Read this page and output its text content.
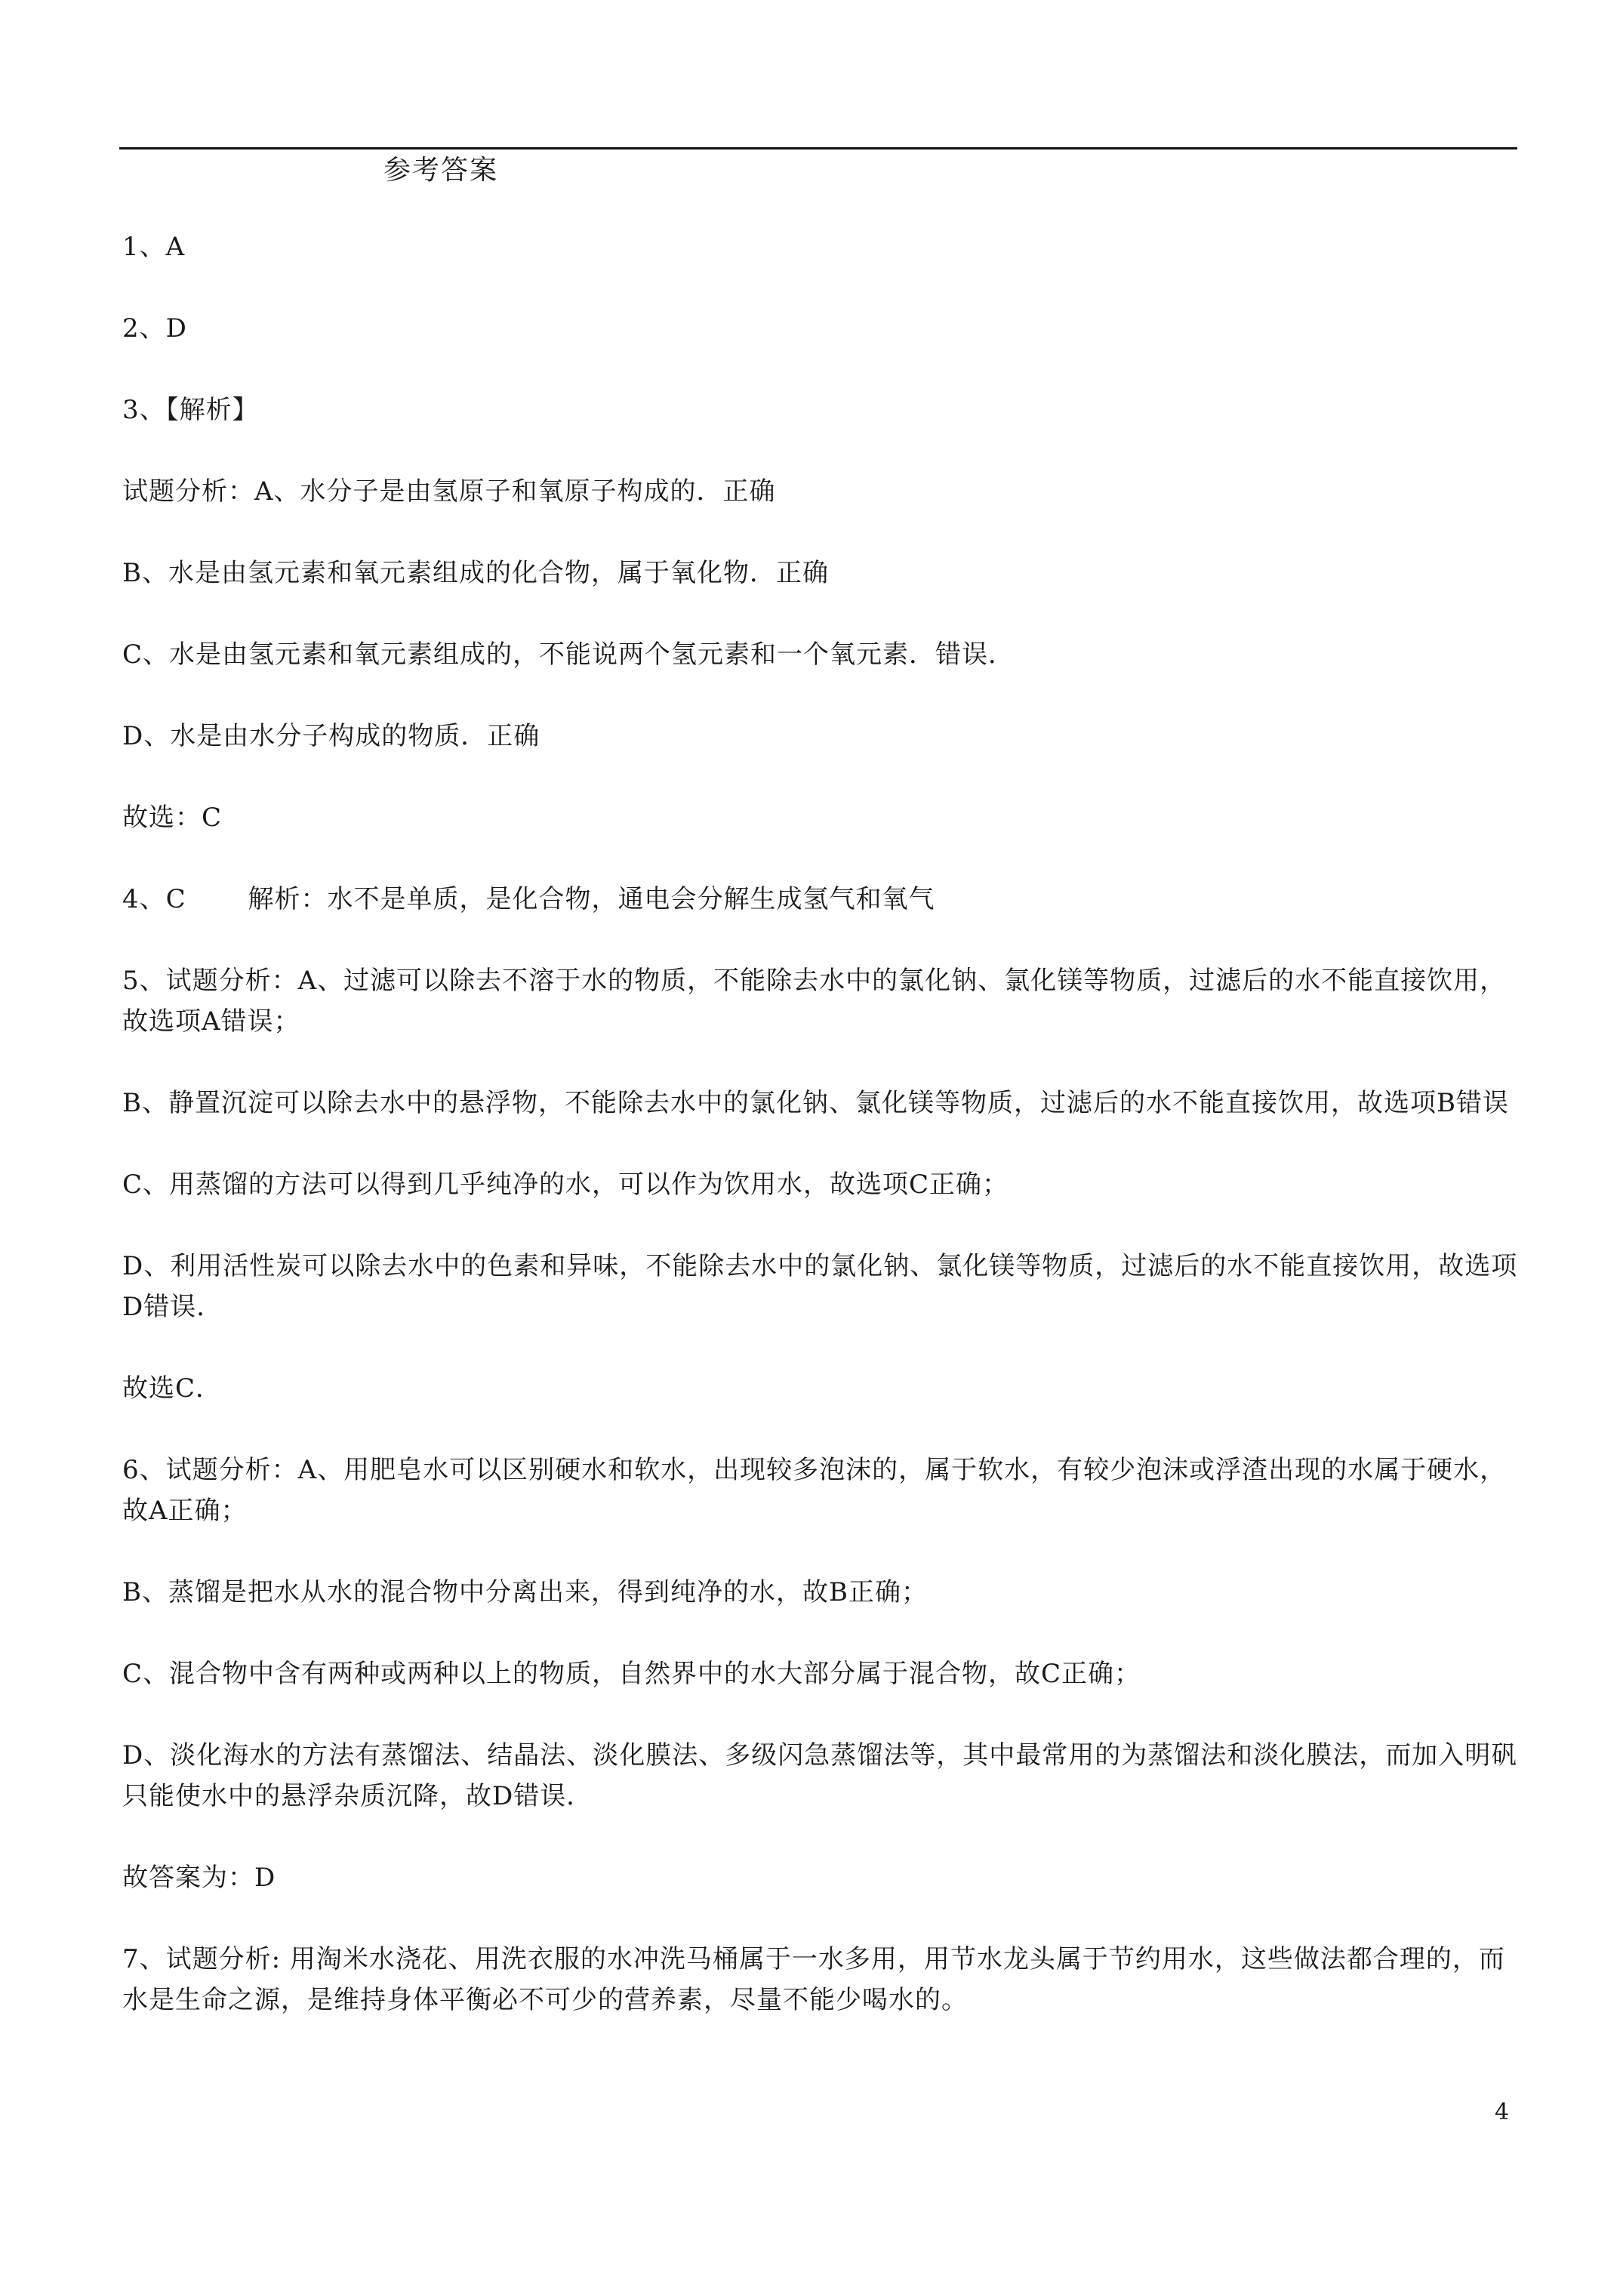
参考答案

1、A

2、D

3、【解析】

试题分析：A、水分子是由氢原子和氧原子构成的．正确

B、水是由氢元素和氧元素组成的化合物，属于氧化物．正确

C、水是由氢元素和氧元素组成的，不能说两个氢元素和一个氧元素．错误．

D、水是由水分子构成的物质．正确

故选：C

4、C 　　解析：水不是单质，是化合物，通电会分解生成氢气和氧气

5、试题分析：A、过滤可以除去不溶于水的物质，不能除去水中的氯化钠、氯化镁等物质，过滤后的水不能直接饮用，故选项A错误；

B、静置沉淀可以除去水中的悬浮物，不能除去水中的氯化钠、氯化镁等物质，过滤后的水不能直接饮用，故选项B错误

C、用蒸馏的方法可以得到几乎纯净的水，可以作为饮用水，故选项C正确；

D、利用活性炭可以除去水中的色素和异味，不能除去水中的氯化钠、氯化镁等物质，过滤后的水不能直接饮用，故选项D错误．

故选C．

6、试题分析：A、用肥皂水可以区别硬水和软水，出现较多泡沫的，属于软水，有较少泡沫或浮渣出现的水属于硬水，故A正确；

B、蒸馏是把水从水的混合物中分离出来，得到纯净的水，故B正确；

C、混合物中含有两种或两种以上的物质，自然界中的水大部分属于混合物，故C正确；

D、淡化海水的方法有蒸馏法、结晶法、淡化膜法、多级闪急蒸馏法等，其中最常用的为蒸馏法和淡化膜法，而加入明矾只能使水中的悬浮杂质沉降，故D错误．

故答案为：D

7、试题分析: 用淘米水浇花、用洗衣服的水冲洗马桶属于一水多用，用节水龙头属于节约用水，这些做法都合理的，而水是生命之源，是维持身体平衡必不可少的营养素，尽量不能少喝水的。

4
